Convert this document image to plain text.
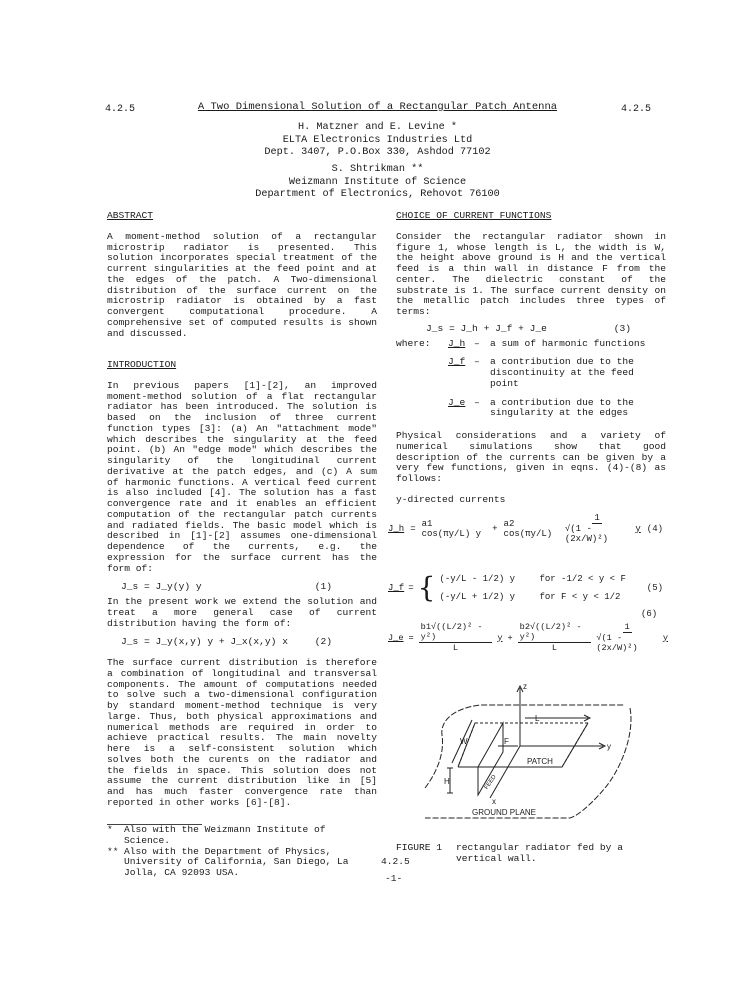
4.2.5	A Two Dimensional Solution of a Rectangular Patch Antenna	4.2.5
H. Matzner and E. Levine *
ELTA Electronics Industries Ltd
Dept. 3407, P.O.Box 330, Ashdod 77102
S. Shtrikman **
Weizmann Institute of Science
Department of Electronics, Rehovot 76100
ABSTRACT

A moment-method solution of a rectangular microstrip radiator is presented. This solution incorporates special treatment of the current singularities at the feed point and at the edges of the patch. A Two-dimensional distribution of the surface current on the microstrip radiator is obtained by a fast convergent computational procedure. A comprehensive set of computed results is shown and discussed.

INTRODUCTION

In previous papers [1]-[2], an improved moment-method solution of a flat rectangular radiator has been introduced. The solution is based on the inclusion of three current function types [3]: (a) An "attachment mode" which describes the singularity at the feed point. (b) An "edge mode" which describes the singularity of the longitudinal current derivative at the patch edges, and (c) A sum of harmonic functions. A vertical feed current is also included [4]. The solution has a fast convergence rate and it enables an efficient computation of the rectangular patch currents and radiated fields. The basic model which is described in [1]-[2] assumes one-dimensional dependence of the currents, e.g. the expression for the surface current has the form of:

J_s = J_y(y) y	(1)

In the present work we extend the solution and treat a more general case of current distribution having the form of:

J_s = J_y(x,y) y + J_x(x,y) x	(2)

The surface current distribution is therefore a combination of longitudinal and transversal components. The amount of computations needed to solve such a two-dimensional configuration by standard moment-method technique is very large. Thus, both physical approximations and numerical methods are required in order to achieve practical results. The main novelty here is a self-consistent solution which solves both the curents on the radiator and the fields in space. This solution does not assume the current distribution like in [5] and has much faster convergence rate than reported in other works [6]-[8].

*	Also with the Weizmann Institute of Science.
** Also with the Department of Physics, University of California, San Diego, La Jolla, CA 92093 USA.
CHOICE OF CURRENT FUNCTIONS

Consider the rectangular radiator shown in figure 1, whose length is L, the width is W, the height above ground is H and the vertical feed is a thin wall in distance F from the center. The dielectric constant of the substrate is 1. The surface current density on the metallic patch includes three types of terms:

J_s = J_h + J_f + J_e	(3)
where:	J_h –	a sum of harmonic functions
J_f –	a contribution due to the discontinuity at the feed point
J_e –	a contribution due to the singularity at the edges

Physical considerations and a variety of numerical simulations show that good description of the currents can be given by a very few functions, given in eqns. (4)-(8) as follows:

y-directed currents
J_h = a1 cos(πy/L) y	+ a2 cos(πy/L)	$\frac{1}{\text{√(1 - (2x/W)²)}}$ y (4)
J_f = { (-y/L - 1/2) y	for -1/2 < y < F
(-y/L + 1/2) y	for F < y < 1/2
(5)
(6)
J_e = $\frac{\text{b1√((L/2)² - y²)}}{L}$ $y + \frac{\text{b2√((L/2)² - y²)}}{L} \frac{1}{\text{√(1 - (2x/W)²)}}$ y
z
y
x
L
W	F
H	FEED
PATCH
GROUND PLANE
FIGURE 1	rectangular radiator fed by a vertical wall.
4.2.5
-1-
